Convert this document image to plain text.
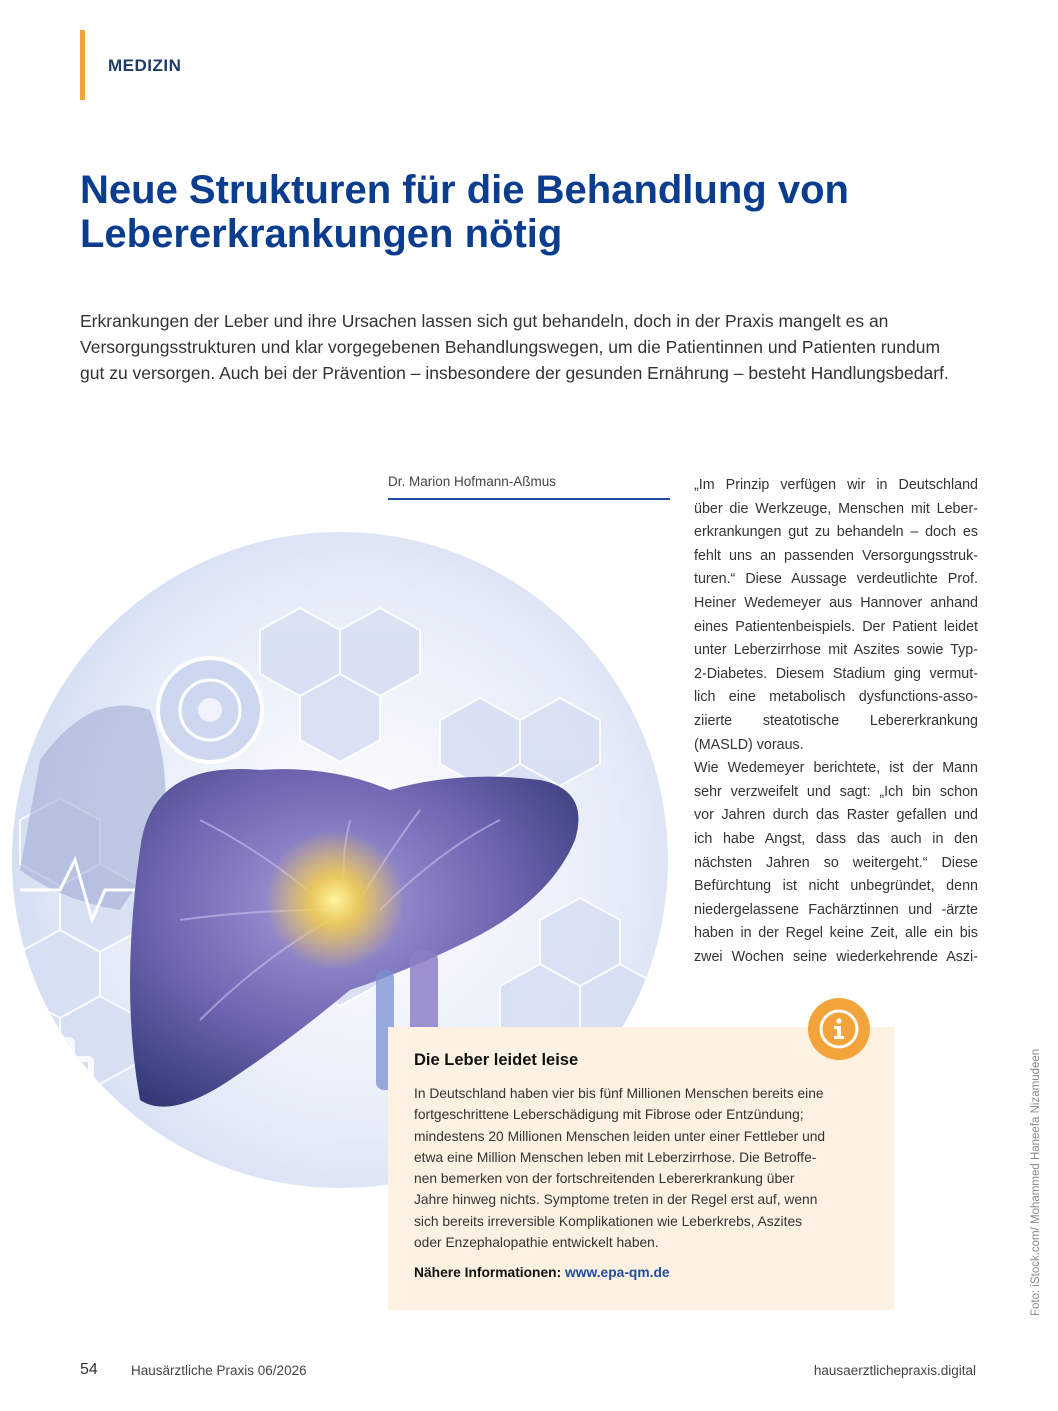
MEDIZIN
Neue Strukturen für die Behandlung von
Lebererkrankungen nötig

Erkrankungen der Leber und ihre Ursachen lassen sich gut behandeln, doch in der Praxis mangelt es an Versorgungsstrukturen und klar vorgegebenen Behandlungswegen, um die Patientinnen und Patienten rundum gut zu versorgen. Auch bei der Prävention – insbesondere der gesunden Ernährung – besteht Handlungsbedarf.

Dr. Marion Hofmann-Aßmus	„Im Prinzip verfügen wir in Deutschland
über die Werkzeuge, Menschen mit Leber-
erkrankungen gut zu behandeln – doch es
fehlt uns an passenden Versorgungsstruk-
turen.“ Diese Aussage verdeutlichte Prof.
Heiner Wedemeyer aus Hannover anhand
eines Patientenbeispiels. Der Patient leidet
unter Leberzirrhose mit Aszites sowie Typ-
2-Diabetes. Diesem Stadium ging vermut-
lich eine metabolisch dysfunctions-asso-
ziierte steatotische Lebererkrankung
(MASLD) voraus.
Wie Wedemeyer berichtete, ist der Mann
sehr verzweifelt und sagt: „Ich bin schon
vor Jahren durch das Raster gefallen und
ich habe Angst, dass das auch in den
nächsten Jahren so weitergeht.“ Diese
Befürchtung ist nicht unbegründet, denn
niedergelassene Fachärztinnen und -ärzte
haben in der Regel keine Zeit, alle ein bis
zwei Wochen seine wiederkehrende Aszi-

Die Leber leidet leise

In Deutschland haben vier bis fünf Millionen Menschen bereits eine
fortgeschrittene Leberschädigung mit Fibrose oder Entzündung;
mindestens 20 Millionen Menschen leiden unter einer Fettleber und
etwa eine Million Menschen leben mit Leberzirrhose. Die Betroffe-
nen bemerken von der fortschreitenden Lebererkrankung über
Jahre hinweg nichts. Symptome treten in der Regel erst auf, wenn
sich bereits irreversible Komplikationen wie Leberkrebs, Aszites
oder Enzephalopathie entwickelt haben.

Nähere Informationen: www.epa-qm.de	Foto: iStock.com/ Mohammed Haneefa Nizamudeen
54 Hausärztliche Praxis 06/2026	hausaerztlichepraxis.digital
